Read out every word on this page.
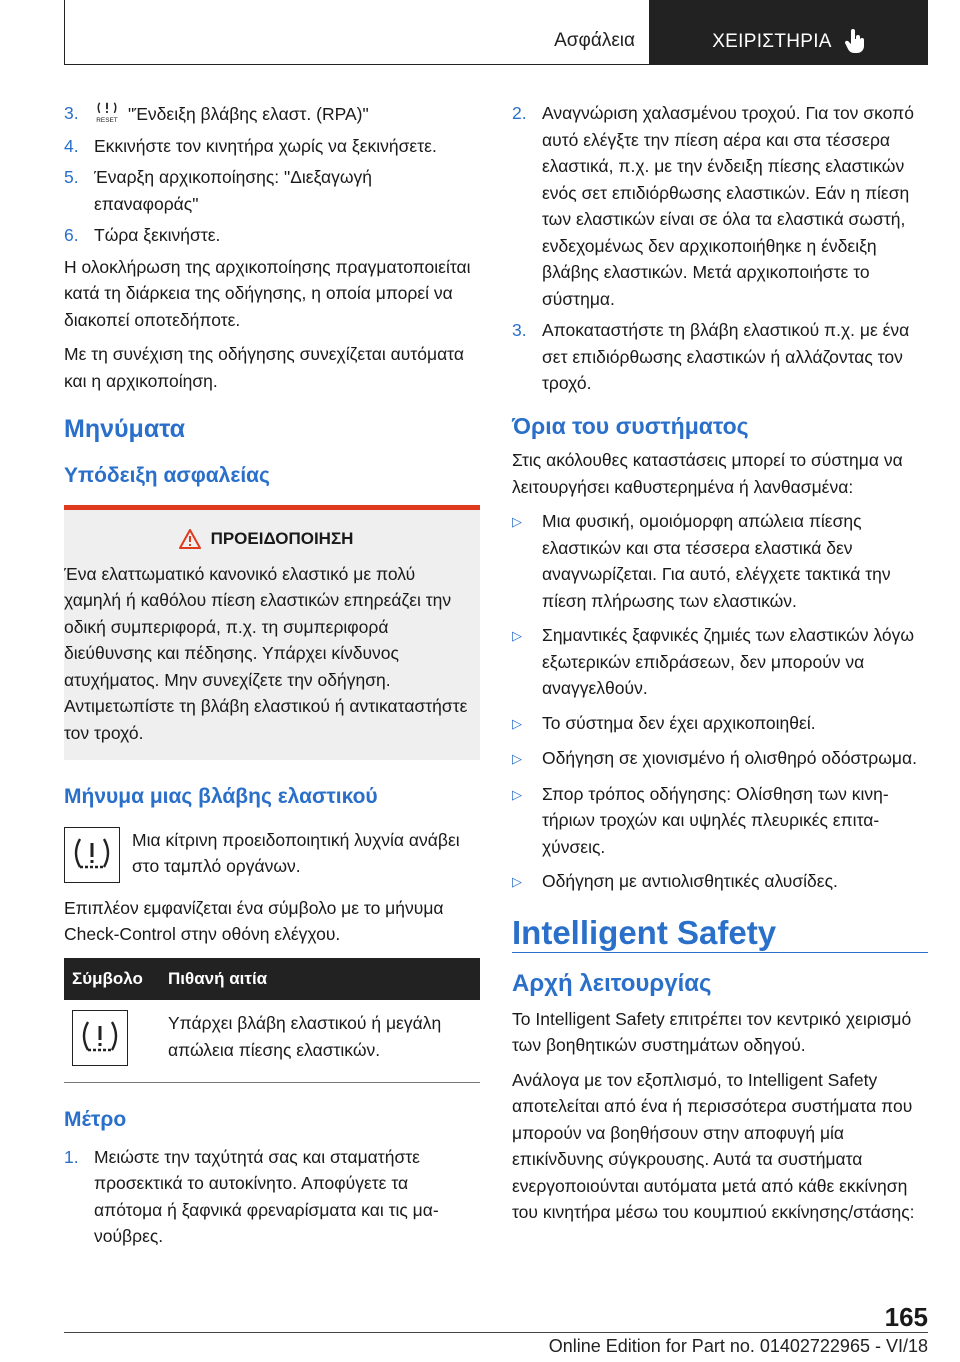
Ασφάλεια	ΧΕΙΡΙΣΤΗΡΙΑ
3.	RESET "Ένδειξη βλάβης ελαστ. (RPA)"
4. Εκκινήστε τον κινητήρα χωρίς να ξεκινήσετε.
5. Έναρξη αρχικοποίησης: "Διεξαγωγή επαναφοράς"
6. Τώρα ξεκινήστε.

Η ολοκλήρωση της αρχικοποίησης πραγματοποιείται κατά τη διάρκεια της οδήγησης, η οποία μπορεί να διακοπεί οποτεδήποτε.

Με τη συνέχιση της οδήγησης συνεχίζεται αυτόματα και η αρχικοποίηση.

Μηνύματα
Υπόδειξη ασφαλείας
ΠΡΟΕΙΔΟΠΟΙΗΣΗ
Ένα ελαττωματικό κανονικό ελαστικό με πολύ χαμηλή ή καθόλου πίεση ελαστικών επηρεάζει την οδική συμπεριφορά, π.χ. τη συμπεριφορά διεύθυνσης και πέδησης. Υπάρχει κίνδυνος ατυχήματος. Μην συνεχίζετε την οδήγηση. Αντιμετωπίστε τη βλάβη ελαστικού ή αντικαταστήστε τον τροχό.
Μήνυμα μιας βλάβης ελαστικού
Μια κίτρινη προειδοποιητική λυχνία ανάβει στο ταμπλό οργάνων.

Επιπλέον εμφανίζεται ένα σύμβολο με το μήνυμα Check-Control στην οθόνη ελέγχου.

Σύμβολο	Πιθανή αιτία

	Υπάρχει βλάβη ελαστικού ή μεγάλη απώλεια πίεσης ελαστικών.
Μέτρο
1. Μειώστε την ταχύτητά σας και σταματήστε προσεκτικά το αυτοκίνητο. Αποφύγετε τα απότομα ή ξαφνικά φρεναρίσματα και τις μανούβρες.
2. Αναγνώριση χαλασμένου τροχού. Για τον σκοπό αυτό ελέγξτε την πίεση αέρα και στα τέσσερα ελαστικά, π.χ. με την ένδειξη πίεσης ελαστικών ενός σετ επιδιόρθωσης ελαστικών. Εάν η πίεση των ελαστικών είναι σε όλα τα ελαστικά σωστή, ενδεχομένως δεν αρχικοποιήθηκε η ένδειξη βλάβης ελαστικών. Μετά αρχικοποιήστε το σύστημα.
3. Αποκαταστήστε τη βλάβη ελαστικού π.χ. με ένα σετ επιδιόρθωσης ελαστικών ή αλλάζοντας τον τροχό.
Όρια του συστήματος

Στις ακόλουθες καταστάσεις μπορεί το σύστημα να λειτουργήσει καθυστερημένα ή λανθασμένα:

▷	Μια φυσική, ομοιόμορφη απώλεια πίεσης ελαστικών και στα τέσσερα ελαστικά δεν αναγνωρίζεται. Για αυτό, ελέγχετε τακτικά την πίεση πλήρωσης των ελαστικών.
▷	Σημαντικές ξαφνικές ζημιές των ελαστικών λόγω εξωτερικών επιδράσεων, δεν μπορούν να αναγγελθούν.
▷	Το σύστημα δεν έχει αρχικοποιηθεί.
▷	Οδήγηση σε χιονισμένο ή ολισθηρό οδόστρωμα.
▷	Σπορ τρόπος οδήγησης: Ολίσθηση των κινητήριων τροχών και υψηλές πλευρικές επιταχύνσεις.
▷	Οδήγηση με αντιολισθητικές αλυσίδες.
Intelligent Safety
Αρχή λειτουργίας

Το Intelligent Safety επιτρέπει τον κεντρικό χειρισμό των βοηθητικών συστημάτων οδηγού.

Ανάλογα με τον εξοπλισμό, το Intelligent Safety αποτελείται από ένα ή περισσότερα συστήματα που μπορούν να βοηθήσουν στην αποφυγή μία επικίνδυνης σύγκρουσης. Αυτά τα συστήματα ενεργοποιούνται αυτόματα μετά από κάθε εκκίνηση του κινητήρα μέσω του κουμπιού εκκίνησης/στάσης:

165
Online Edition for Part no. 01402722965 - VI/18
